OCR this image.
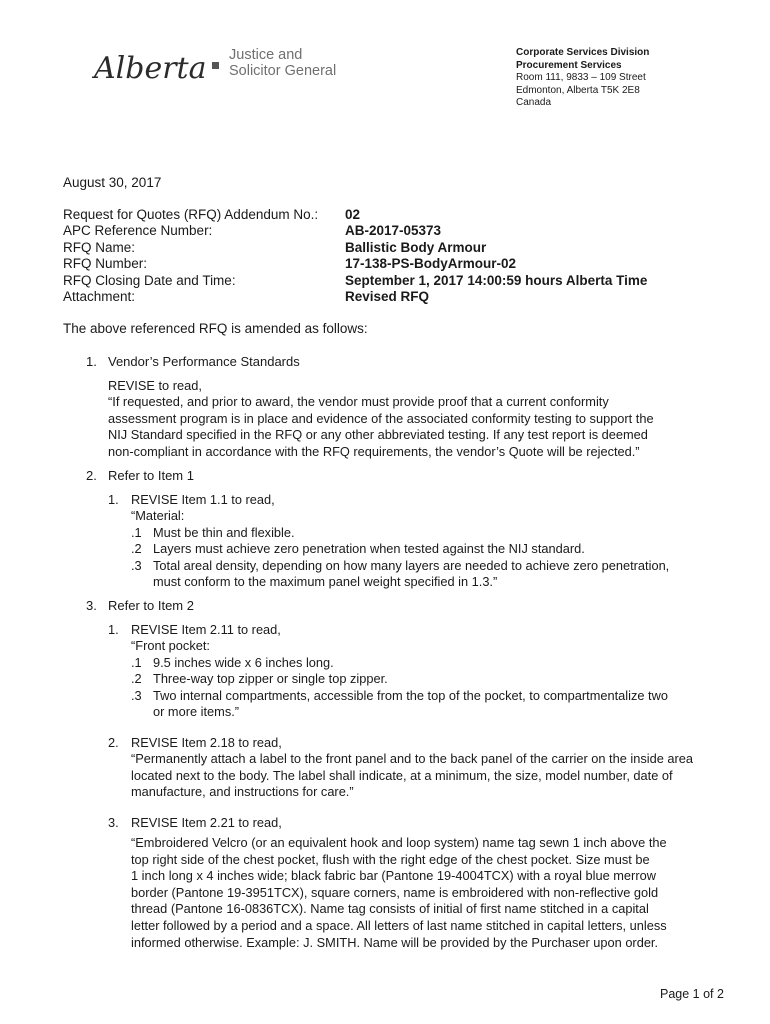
Alberta Justice and
Solicitor General
Corporate Services Division
Procurement Services
Room 111, 9833 – 109 Street
Edmonton, Alberta T5K 2E8
Canada
August 30, 2017
Request for Quotes (RFQ) Addendum No.:	02
APC Reference Number:	AB-2017-05373
RFQ Name:	Ballistic Body Armour
RFQ Number:	17-138-PS-BodyArmour-02
RFQ Closing Date and Time:	September 1, 2017 14:00:59 hours Alberta Time
Attachment:	Revised RFQ
The above referenced RFQ is amended as follows:
1. Vendor’s Performance Standards
REVISE to read,
“If requested, and prior to award, the vendor must provide proof that a current conformity
assessment program is in place and evidence of the associated conformity testing to support the
NIJ Standard specified in the RFQ or any other abbreviated testing. If any test report is deemed
non-compliant in accordance with the RFQ requirements, the vendor’s Quote will be rejected.”
2. Refer to Item 1
1. REVISE Item 1.1 to read,
“Material:
.1 Must be thin and flexible.
.2 Layers must achieve zero penetration when tested against the NIJ standard.
.3 Total areal density, depending on how many layers are needed to achieve zero penetration,
must conform to the maximum panel weight specified in 1.3.”
3. Refer to Item 2
1. REVISE Item 2.11 to read,
“Front pocket:
.1 9.5 inches wide x 6 inches long.
.2 Three-way top zipper or single top zipper.
.3 Two internal compartments, accessible from the top of the pocket, to compartmentalize two
or more items.”
2. REVISE Item 2.18 to read,
“Permanently attach a label to the front panel and to the back panel of the carrier on the inside area
located next to the body. The label shall indicate, at a minimum, the size, model number, date of
manufacture, and instructions for care.”
3. REVISE Item 2.21 to read,
“Embroidered Velcro (or an equivalent hook and loop system) name tag sewn 1 inch above the
top right side of the chest pocket, flush with the right edge of the chest pocket. Size must be
1 inch long x 4 inches wide; black fabric bar (Pantone 19-4004TCX) with a royal blue merrow
border (Pantone 19-3951TCX), square corners, name is embroidered with non-reflective gold
thread (Pantone 16-0836TCX). Name tag consists of initial of first name stitched in a capital
letter followed by a period and a space. All letters of last name stitched in capital letters, unless
informed otherwise. Example: J. SMITH. Name will be provided by the Purchaser upon order.
Page 1 of 2
